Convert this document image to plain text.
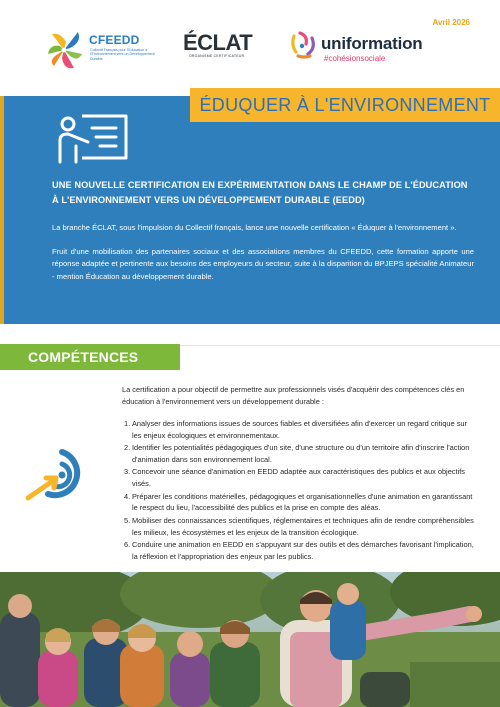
Avril 2026
CFEEDD
Collectif Français pour l'Education à l'Environnement vers un Développement Durable
ÉCLAT
ORGANISME CERTIFICATEUR
uniformation
#cohésionsociale
ÉDUQUER À L'ENVIRONNEMENT
UNE NOUVELLE CERTIFICATION EN EXPÉRIMENTATION DANS LE CHAMP DE L'ÉDUCATION À L'ENVIRONNEMENT VERS UN DÉVELOPPEMENT DURABLE (EEDD)

La branche ÉCLAT, sous l'impulsion du Collectif français, lance une nouvelle certification « Éduquer à l'environnement ».

Fruit d'une mobilisation des partenaires sociaux et des associations membres du CFEEDD, cette formation apporte une réponse adaptée et pertinente aux besoins des employeurs du secteur, suite à la disparition du BPJEPS spécialité Animateur - mention Éducation au développement durable.

COMPÉTENCES VISÉES	La certification a pour objectif de permettre aux professionnels visés d'acquérir des compétences clés en éducation à l'environnement vers un développement durable :

1. Analyser des informations issues de sources fiables et diversifiées afin d'exercer un regard critique sur les enjeux écologiques et environnementaux.
2. Identifier les potentialités pédagogiques d'un site, d'une structure ou d'un territoire afin d'inscrire l'action d'animation dans son environnement local.
3. Concevoir une séance d'animation en EEDD adaptée aux caractéristiques des publics et aux objectifs visés.
4. Préparer les conditions matérielles, pédagogiques et organisationnelles d'une animation en garantissant le respect du lieu, l'accessibilité des publics et la prise en compte des aléas.
5. Mobiliser des connaissances scientifiques, réglementaires et techniques afin de rendre compréhensibles les milieux, les écosystèmes et les enjeux de la transition écologique.
6. Conduire une animation en EEDD en s'appuyant sur des outils et des démarches favorisant l'implication, la réflexion et l'appropriation des enjeux par les publics.
